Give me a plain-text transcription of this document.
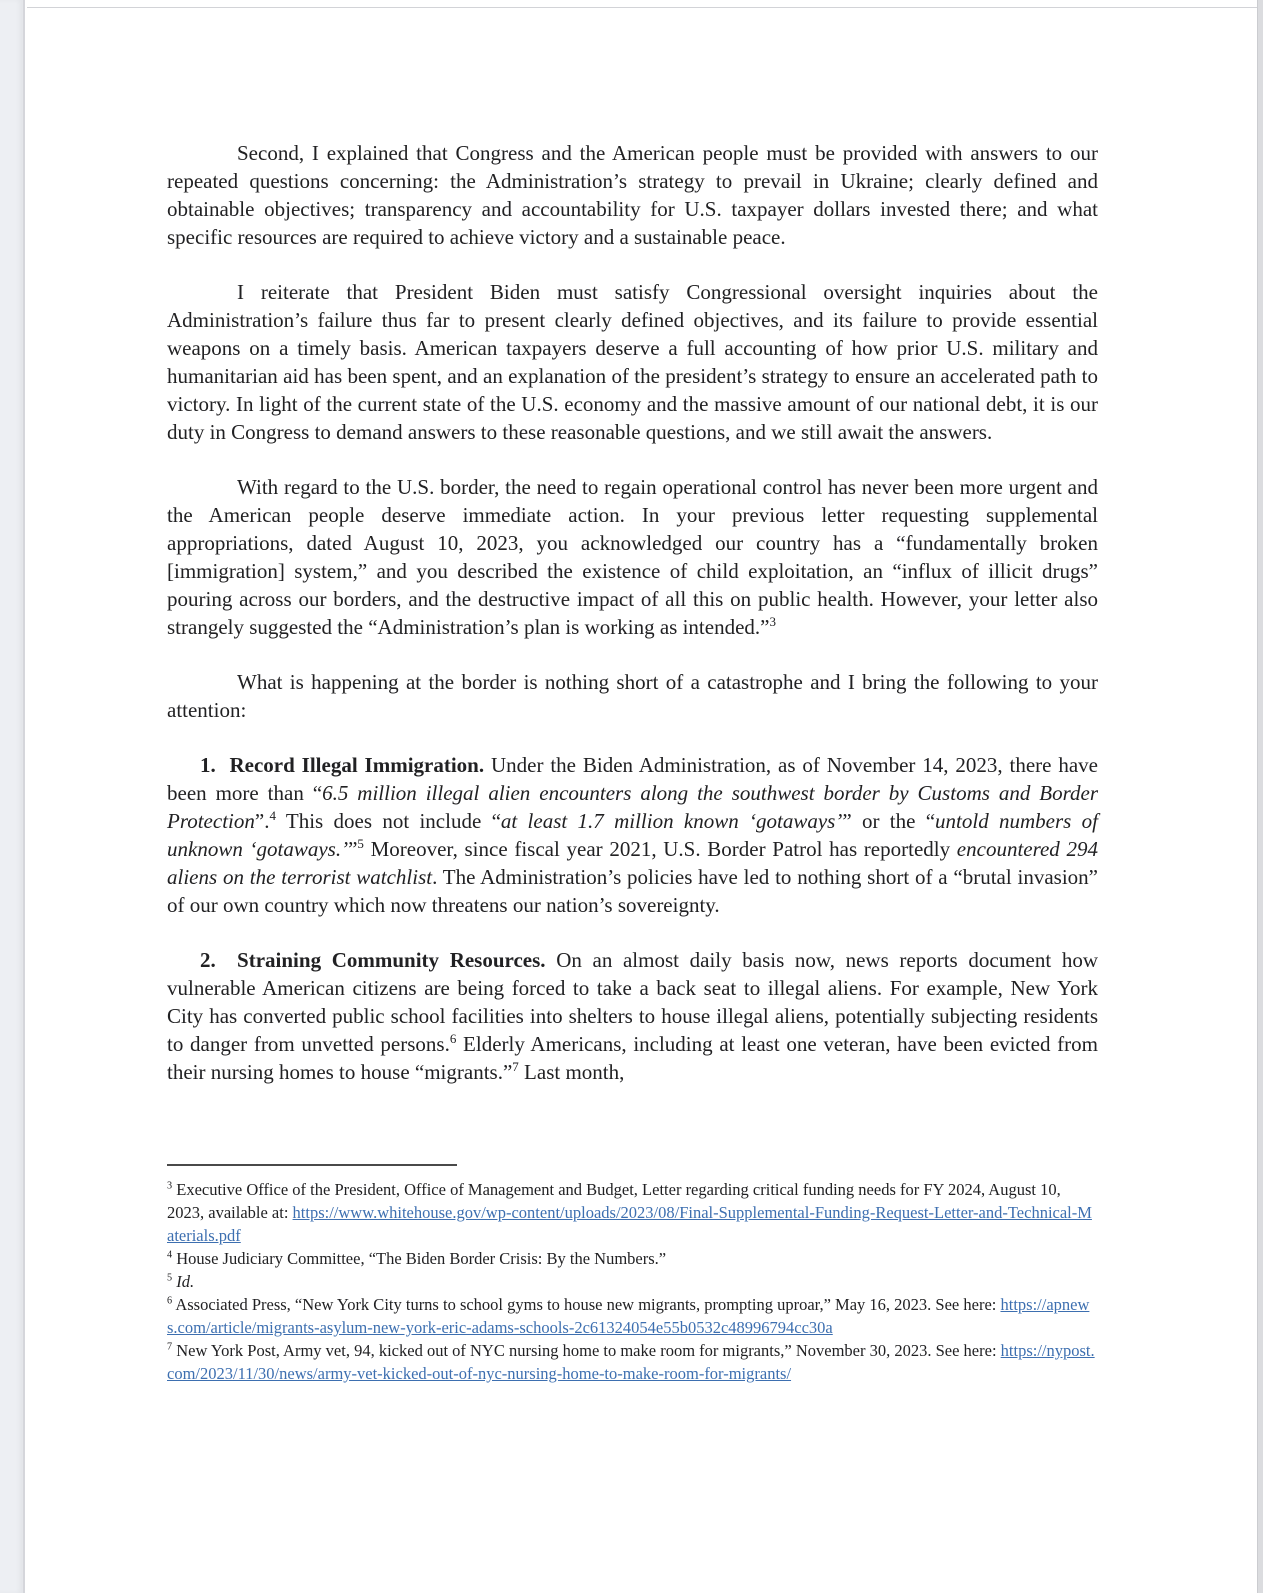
Second, I explained that Congress and the American people must be provided with answers to our repeated questions concerning: the Administration’s strategy to prevail in Ukraine; clearly defined and obtainable objectives; transparency and accountability for U.S. taxpayer dollars invested there; and what specific resources are required to achieve victory and a sustainable peace.

I reiterate that President Biden must satisfy Congressional oversight inquiries about the Administration’s failure thus far to present clearly defined objectives, and its failure to provide essential weapons on a timely basis. American taxpayers deserve a full accounting of how prior U.S. military and humanitarian aid has been spent, and an explanation of the president’s strategy to ensure an accelerated path to victory. In light of the current state of the U.S. economy and the massive amount of our national debt, it is our duty in Congress to demand answers to these reasonable questions, and we still await the answers.

With regard to the U.S. border, the need to regain operational control has never been more urgent and the American people deserve immediate action. In your previous letter requesting supplemental appropriations, dated August 10, 2023, you acknowledged our country has a “fundamentally broken [immigration] system,” and you described the existence of child exploitation, an “influx of illicit drugs” pouring across our borders, and the destructive impact of all this on public health. However, your letter also strangely suggested the “Administration’s plan is working as intended.”$^3$

What is happening at the border is nothing short of a catastrophe and I bring the following to your attention:

1.  Record Illegal Immigration. Under the Biden Administration, as of November 14, 2023, there have been more than “6.5 million illegal alien encounters along the southwest border by Customs and Border Protection”.$^4$ This does not include “at least 1.7 million known ‘gotaways’” or the “untold numbers of unknown ‘gotaways.’”$^5$ Moreover, since fiscal year 2021, U.S. Border Patrol has reportedly encountered 294 aliens on the terrorist watchlist. The Administration’s policies have led to nothing short of a “brutal invasion” of our own country which now threatens our nation’s sovereignty.

2.  Straining Community Resources. On an almost daily basis now, news reports document how vulnerable American citizens are being forced to take a back seat to illegal aliens. For example, New York City has converted public school facilities into shelters to house illegal aliens, potentially subjecting residents to danger from unvetted persons.$^6$ Elderly Americans, including at least one veteran, have been evicted from their nursing homes to house “migrants.”$^7$ Last month,

$^3$ Executive Office of the President, Office of Management and Budget, Letter regarding critical funding needs for FY 2024, August 10, 2023, available at: https://www.whitehouse.gov/wp-content/uploads/2023/08/Final-Supplemental-Funding-Request-Letter-and-Technical-Materials.pdf
$^4$ House Judiciary Committee, “The Biden Border Crisis: By the Numbers.”
$^5$ Id.
$^6$ Associated Press, “New York City turns to school gyms to house new migrants, prompting uproar,” May 16, 2023. See here: https://apnews.com/article/migrants-asylum-new-york-eric-adams-schools-2c61324054e55b0532c48996794cc30a
$^7$ New York Post, Army vet, 94, kicked out of NYC nursing home to make room for migrants,” November 30, 2023. See here: https://nypost.com/2023/11/30/news/army-vet-kicked-out-of-nyc-nursing-home-to-make-room-for-migrants/
